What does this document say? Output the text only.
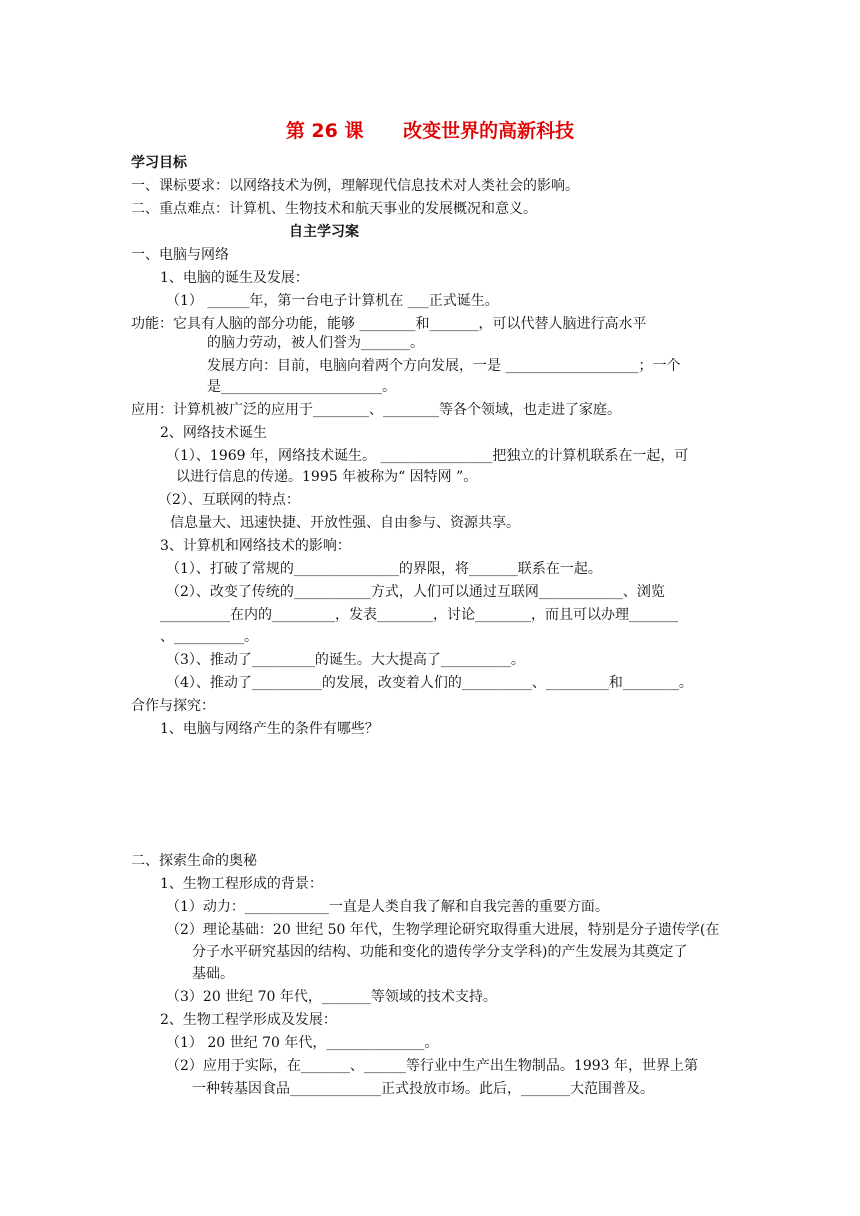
第 26 课      改变世界的高新科技
学习目标
一、课标要求：以网络技术为例，理解现代信息技术对人类社会的影响。
二、重点难点：计算机、生物技术和航天事业的发展概况和意义。
自主学习案
一、电脑与网络
1、电脑的诞生及发展：
（1） ______年，第一台电子计算机在 ___正式诞生。
功能：它具有人脑的部分功能，能够 ________和_______，可以代替人脑进行高水平
的脑力劳动，被人们誉为_______。
发展方向：目前，电脑向着两个方向发展，一是 ___________________；一个
是_______________________。
应用：计算机被广泛的应用于________、________等各个领域，也走进了家庭。
2、网络技术诞生
（1）、1969 年，网络技术诞生。 ________________把独立的计算机联系在一起，可
以进行信息的传递。1995 年被称为“ 因特网 ”。
（2）、互联网的特点：
信息量大、迅速快捷、开放性强、自由参与、资源共享。
3、计算机和网络技术的影响：
（1）、打破了常规的_______________的界限，将_______联系在一起。
（2）、改变了传统的___________方式，人们可以通过互联网____________、浏览
__________在内的_________，发表________，讨论________，而且可以办理_______
、__________。
（3）、推动了_________的诞生。大大提高了__________。
（4）、推动了__________的发展，改变着人们的__________、_________和________。
合作与探究：
1、电脑与网络产生的条件有哪些？
二、探索生命的奥秘
1、生物工程形成的背景：
（1）动力：____________一直是人类自我了解和自我完善的重要方面。
（2）理论基础：20 世纪 50 年代，生物学理论研究取得重大进展，特别是分子遗传学(在
分子水平研究基因的结构、功能和变化的遗传学分支学科)的产生发展为其奠定了
基础。
（3）20 世纪 70 年代，_______等领域的技术支持。
2、生物工程学形成及发展：
（1） 20 世纪 70 年代，______________。
（2）应用于实际，在_______、______等行业中生产出生物制品。1993 年，世界上第
一种转基因食品_____________正式投放市场。此后，_______大范围普及。
